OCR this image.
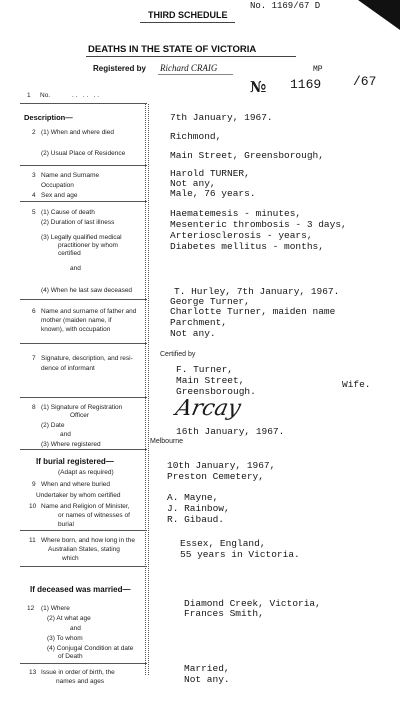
No. 1169/67 D
THIRD SCHEDULE
DEATHS IN THE STATE OF VICTORIA
Registered by Richard CRAIG	MP
№ 1169 /67
1 No.	. .   . .   . .
Description—
2 (1) When and where died
(2) Usual Place of Residence
7th January, 1967.
Richmond,
Main Street, Greensborough,
3 Name and Surname
Occupation
4 Sex and age
Harold TURNER,
Not any,
Male, 76 years.
5 (1) Cause of death
(2) Duration of last illness
(3) Legally qualified medical
practitioner by whom
certified
and
(4) When he last saw deceased
Haematemesis - minutes,
Mesenteric thrombosis - 3 days,
Arteriosclerosis - years,
Diabetes mellitus - months,
T. Hurley, 7th January, 1967.
6 Name and surname of father and
mother (maiden name, if
known), with occupation
George Turner,
Charlotte Turner, maiden name
Parchment,
Not any.
7 Signature, description, and resi-
dence of informant
Certified by
F. Turner,
Main Street,
Greensborough.
Wife.
8 (1) Signature of Registration
Officer
(2) Date
and
(3) Where registered
Arcay
16th January, 1967.
Melbourne
If burial registered—
(Adapt as required)
9 When and where buried
Undertaker by whom certified
10 Name and Religion of Minister,
or names of witnesses of
burial
10th January, 1967,
Preston Cemetery,
A. Mayne,
J. Rainbow,
R. Gibaud.
11 Where born, and how long in the
Australian States, stating
which
Essex, England,
55 years in Victoria.
If deceased was married—
12 (1) Where
(2) At what age
and
(3) To whom
(4) Conjugal Condition at date
of Death
Diamond Creek, Victoria,
Frances Smith,
13 Issue in order of birth, the
names and ages
Married,
Not any.
